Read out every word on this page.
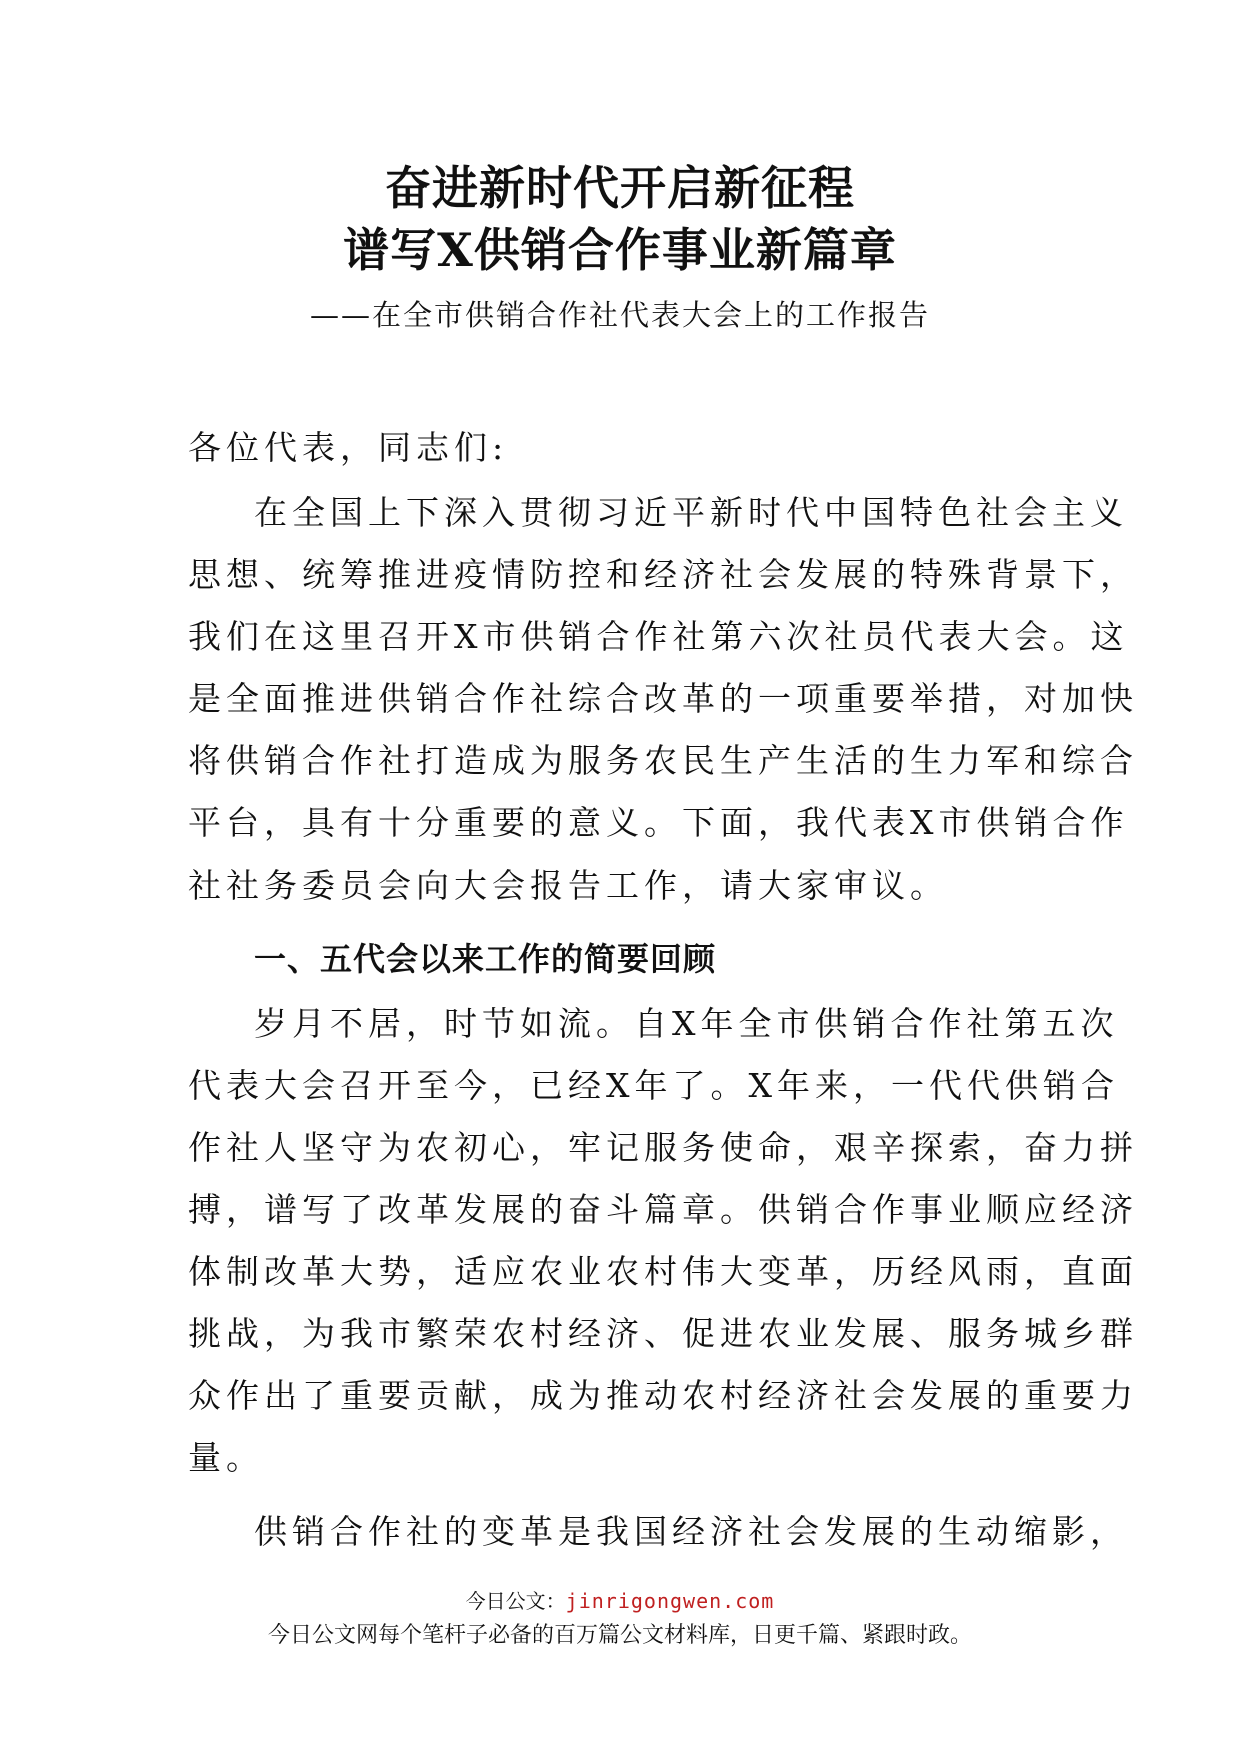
奋进新时代开启新征程
谱写X供销合作事业新篇章
——在全市供销合作社代表大会上的工作报告
各位代表，同志们:
在全国上下深入贯彻习近平新时代中国特色社会主义
思想、统筹推进疫情防控和经济社会发展的特殊背景下，
我们在这里召开X市供销合作社第六次社员代表大会。这
是全面推进供销合作社综合改革的一项重要举措，对加快
将供销合作社打造成为服务农民生产生活的生力军和综合
平台，具有十分重要的意义。下面，我代表X市供销合作
社社务委员会向大会报告工作，请大家审议。
一、五代会以来工作的简要回顾
岁月不居，时节如流。自X年全市供销合作社第五次
代表大会召开至今，已经X年了。X年来，一代代供销合
作社人坚守为农初心，牢记服务使命，艰辛探索，奋力拼
搏，谱写了改革发展的奋斗篇章。供销合作事业顺应经济
体制改革大势，适应农业农村伟大变革，历经风雨，直面
挑战，为我市繁荣农村经济、促进农业发展、服务城乡群
众作出了重要贡献，成为推动农村经济社会发展的重要力
量。
供销合作社的变革是我国经济社会发展的生动缩影，
今日公文：jinrigongwen.com
今日公文网每个笔杆子必备的百万篇公文材料库，日更千篇、紧跟时政。
